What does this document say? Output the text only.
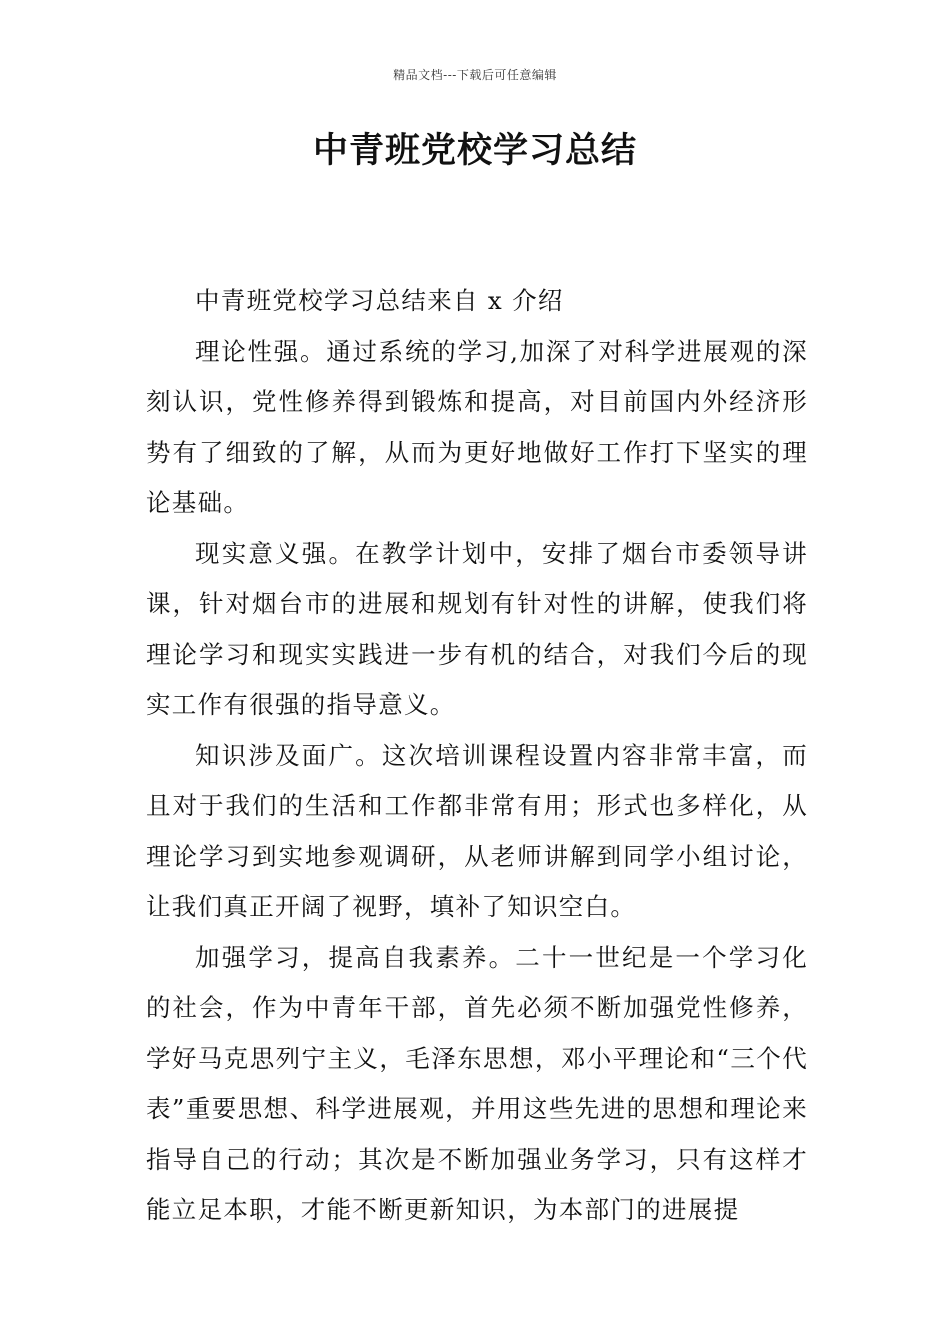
精品文档---下载后可任意编辑
中青班党校学习总结

中青班党校学习总结来自 x 介绍

理论性强。通过系统的学习,加深了对科学进展观的深刻认识，党性修养得到锻炼和提高，对目前国内外经济形势有了细致的了解，从而为更好地做好工作打下坚实的理论基础。

现实意义强。在教学计划中，安排了烟台市委领导讲课，针对烟台市的进展和规划有针对性的讲解，使我们将理论学习和现实实践进一步有机的结合，对我们今后的现实工作有很强的指导意义。

知识涉及面广。这次培训课程设置内容非常丰富，而且对于我们的生活和工作都非常有用；形式也多样化，从理论学习到实地参观调研，从老师讲解到同学小组讨论，让我们真正开阔了视野，填补了知识空白。

加强学习，提高自我素养。二十一世纪是一个学习化的社会，作为中青年干部，首先必须不断加强党性修养，学好马克思列宁主义，毛泽东思想，邓小平理论和“三个代表”重要思想、科学进展观，并用这些先进的思想和理论来指导自己的行动；其次是不断加强业务学习，只有这样才能立足本职，才能不断更新知识，为本部门的进展提
